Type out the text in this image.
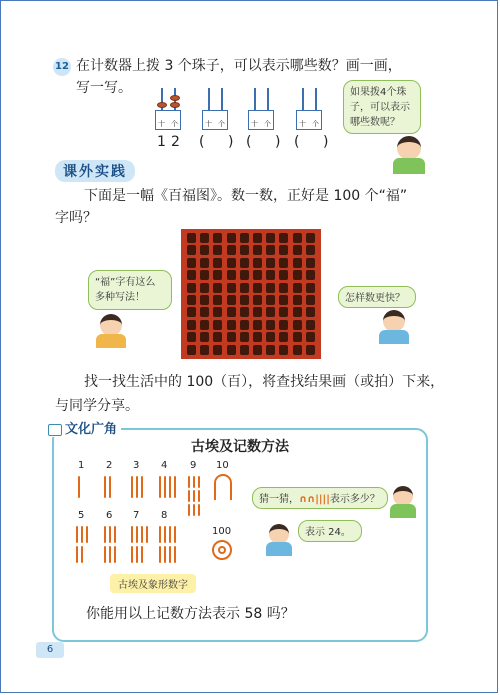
12 在计数器上拨 3 个珠子，可以表示哪些数？画一画，
写一写。
十 个	十 个	十 个	十 个
1 2 ( ) ( ) ( )
如果拨4个珠子，可以表示哪些数呢？
课外实践
下面是一幅《百福图》。数一数，正好是 100 个“福”
字吗？
“福”字有这么多种写法！	怎样数更快？
找一找生活中的 100（百），将查找结果画（或拍）下来，
与同学分享。
文化广角
古埃及记数方法
1 2 3 4 9 10
5 6 7 8
100
古埃及象形数字
猜一猜，∩∩||||表示多少？
表示 24。
你能用以上记数方法表示 58 吗？
6
